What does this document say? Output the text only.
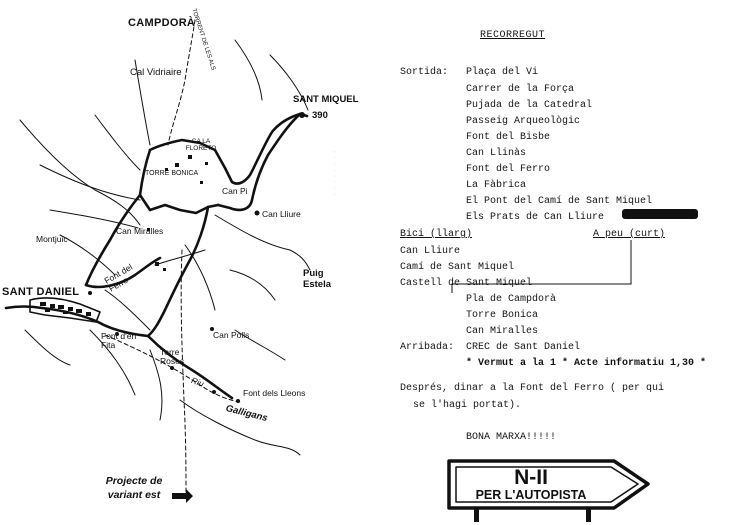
· · · · · · · ·
CAMPDORÀ
TORRENT DE LES ALS
Cal Vidriaire
SANT MIQUEL
390
CA LA FLORETO
TORRE BONICA
Can Pi
Can Lliure
Can Miralles
Montjuic
SANT DANIEL
Font del Ferro
Font d'en Fita
Torre Roses
Can Polls
Puig Estela
Riu
Font dels Lleons
Galligans
Projecte de variant est
RECORREGUT
Sortida: Plaça del Vi
Carrer de la Força
Pujada de la Catedral
Passeig Arqueològic
Font del Bisbe
Can Llinàs
Font del Ferro
La Fàbrica
El Pont del Camí de Sant Miquel
Els Prats de Can Lliure
Bici (llarg)	A peu (curt)
Can Lliure
Camí de Sant Miquel
Castell de Sant Miquel
Pla de Campdorà
Torre Bonica
Can Miralles
Arribada: CREC de Sant Daniel
* Vermut a la 1 * Acte informatiu 1,30 *
Després, dinar a la Font del Ferro ( per qui
se l'hagi portat).
BONA MARXA!!!!!
N-II
PER L'AUTOPISTA
